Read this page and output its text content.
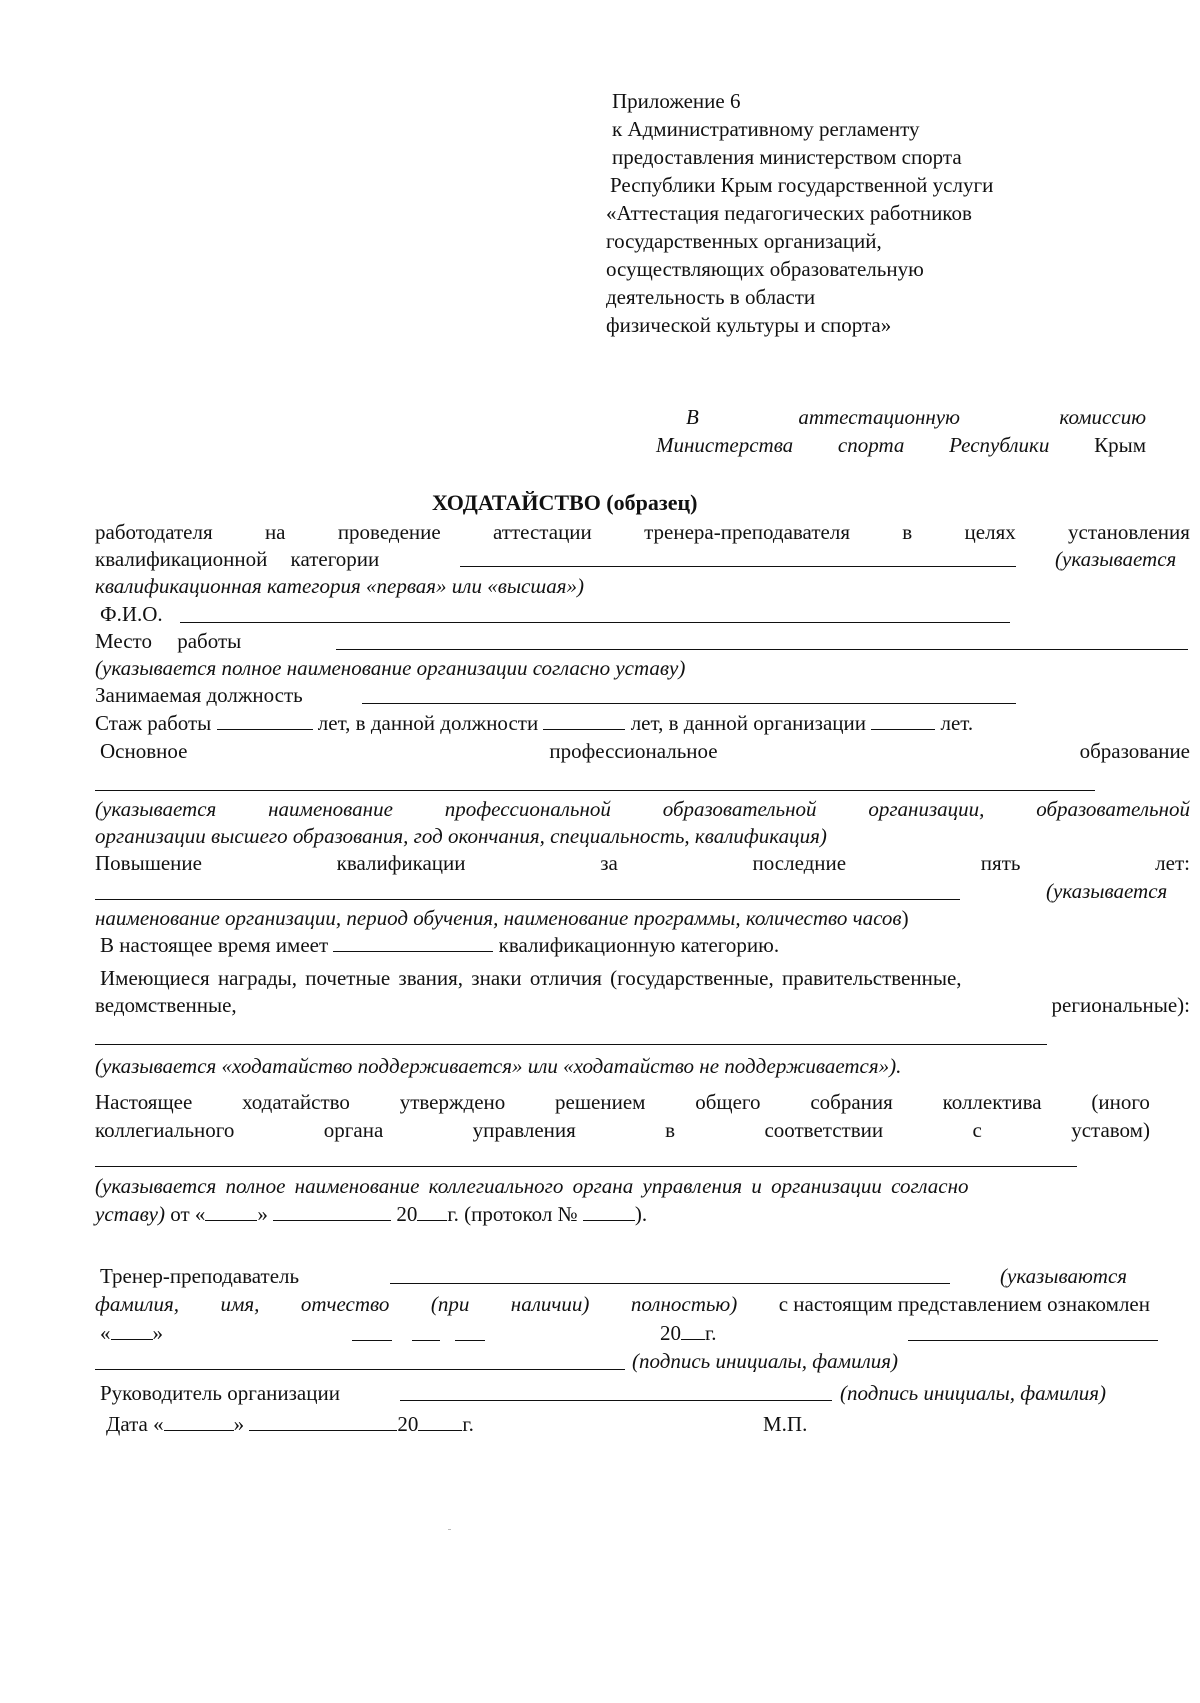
Приложение 6
к Административному регламенту
предоставления министерством спорта
Республики Крым государственной услуги
«Аттестация педагогических работников
государственных организаций,
осуществляющих образовательную
деятельность в области
физической культуры и спорта»
В	аттестационную	комиссию
Министерства спорта Республики Крым
ХОДАТАЙСТВО (образец)
работодателя на проведение аттестации тренера-преподавателя в целях установления
квалификационной категории	(указывается
квалификационная категория «первая» или «высшая»)
Ф.И.О.
Место работы
(указывается полное наименование организации согласно уставу)
Занимаемая должность
Стаж работы	лет, в данной должности	лет, в данной организации	лет.
Основное	профессиональное	образование
(указывается наименование профессиональной образовательной организации, образовательной
организации высшего образования, год окончания, специальность, квалификация)
Повышение	квалификации	за	последние	пять	лет:
(указывается
наименование организации, период обучения, наименование программы, количество часов)
В настоящее время имеет	квалификационную категорию.
Имеющиеся награды, почетные звания, знаки отличия (государственные, правительственные,
ведомственные,	региональные):
(указывается «ходатайство поддерживается» или «ходатайство не поддерживается»).
Настоящее ходатайство утверждено решением общего собрания коллектива (иного
коллегиального	органа	управления	в	соответствии	с	уставом)
(указывается полное наименование коллегиального органа управления и организации согласно
уставу) от « »	20 г. (протокол №	).
Тренер-преподаватель	(указываются
фамилия, имя, отчество (при наличии) полностью) с настоящим представлением ознакомлен
« »	20 г.
(подпись инициалы, фамилия)
Руководитель организации	(подпись инициалы, фамилия)
Дата «	»	20 г.	М.П.
